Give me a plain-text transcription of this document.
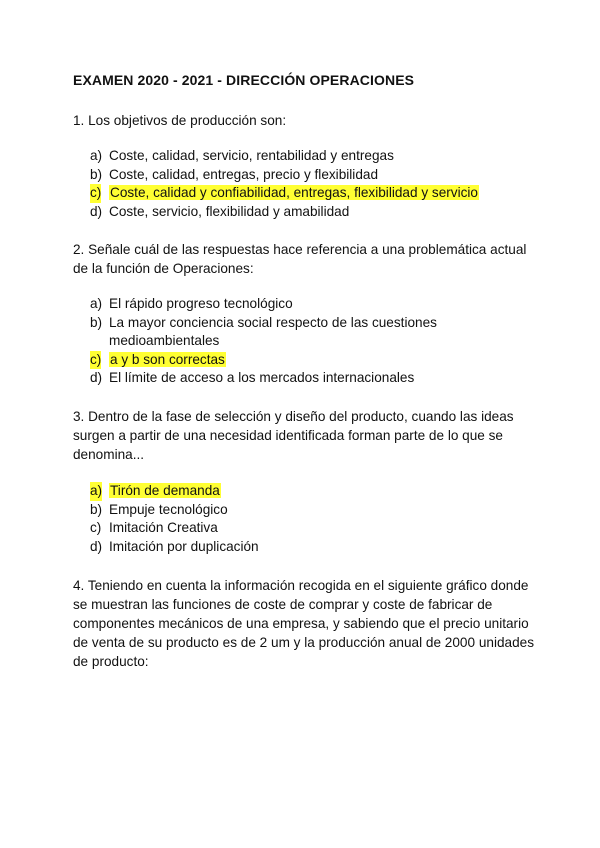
EXAMEN 2020 - 2021 - DIRECCIÓN OPERACIONES
1. Los objetivos de producción son:
a) Coste, calidad, servicio, rentabilidad y entregas
b) Coste, calidad, entregas, precio y flexibilidad
c) Coste, calidad y confiabilidad, entregas, flexibilidad y servicio
d) Coste, servicio, flexibilidad y amabilidad
2. Señale cuál de las respuestas hace referencia a una problemática actual de la función de Operaciones:
a) El rápido progreso tecnológico
b) La mayor conciencia social respecto de las cuestiones medioambientales
c) a y b son correctas
d) El límite de acceso a los mercados internacionales
3. Dentro de la fase de selección y diseño del producto, cuando las ideas surgen a partir de una necesidad identificada forman parte de lo que se denomina...
a) Tirón de demanda
b) Empuje tecnológico
c) Imitación Creativa
d) Imitación por duplicación
4. Teniendo en cuenta la información recogida en el siguiente gráfico donde se muestran las funciones de coste de comprar y coste de fabricar de componentes mecánicos de una empresa, y sabiendo que el precio unitario de venta de su producto es de 2 um y la producción anual de 2000 unidades de producto:
